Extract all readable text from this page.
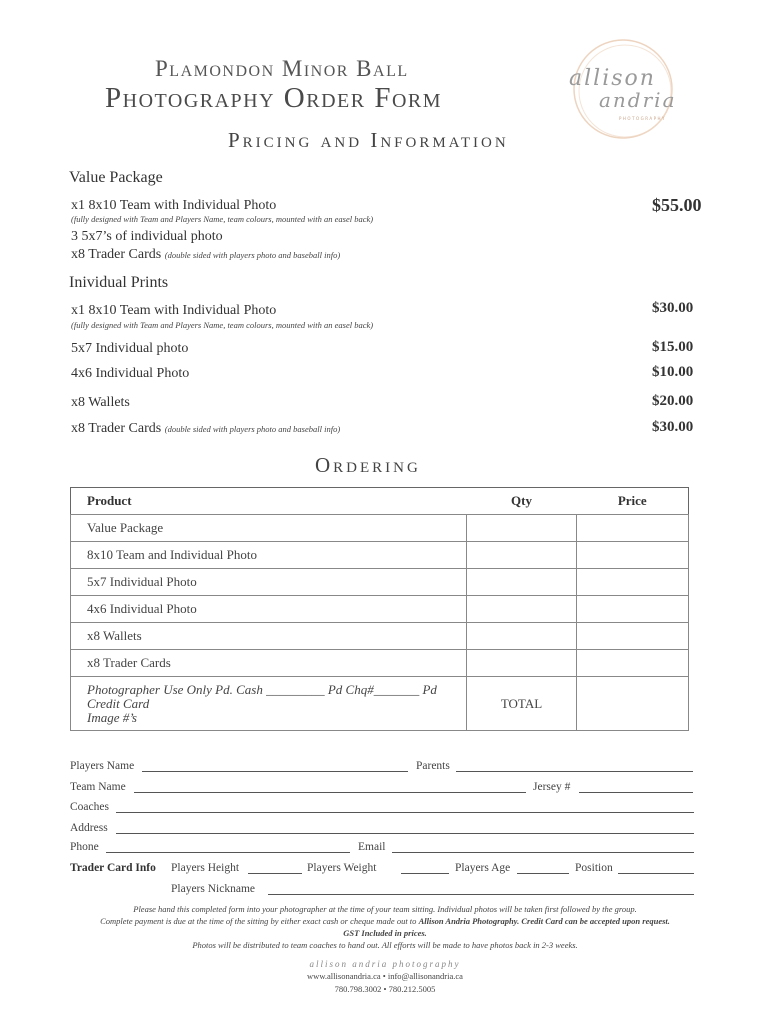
Plamondon Minor Ball
Photography Order Form
Pricing and Information
allison
andria
PHOTOGRAPHY
Value Package
x1 8x10 Team with Individual Photo
(fully designed with Team and Players Name, team colours, mounted with an easel back)
3 5x7’s of individual photo
x8 Trader Cards (double sided with players photo and baseball info)
$55.00
Inividual Prints
x1 8x10 Team with Individual Photo
(fully designed with Team and Players Name, team colours, mounted with an easel back)
$30.00
5x7 Individual photo	$15.00
4x6 Individual Photo	$10.00
x8 Wallets	$20.00
x8 Trader Cards (double sided with players photo and baseball info)	$30.00
Ordering
Product	Qty	Price
Value Package		
8x10 Team and Individual Photo		
5x7 Individual Photo		
4x6 Individual Photo		
x8 Wallets		
x8 Trader Cards		
Photographer Use Only Pd. Cash _________ Pd Chq#_______ Pd Credit Card
Image #’s	TOTAL	
Players Name	Parents
Team Name	Jersey #
Coaches
Address
Phone	Email
Trader Card Info Players Height	Players Weight	Players Age	Position
Players Nickname
Please hand this completed form into your photographer at the time of your team sitting. Individual photos will be taken first followed by the group.
Complete payment is due at the time of the sitting by either exact cash or cheque made out to Allison Andria Photography. Credit Card can be accepted upon request.
GST Included in prices.
Photos will be distributed to team coaches to hand out. All efforts will be made to have photos back in 2-3 weeks.
allison andria photography
www.allisonandria.ca • info@allisonandria.ca
780.798.3002 • 780.212.5005
